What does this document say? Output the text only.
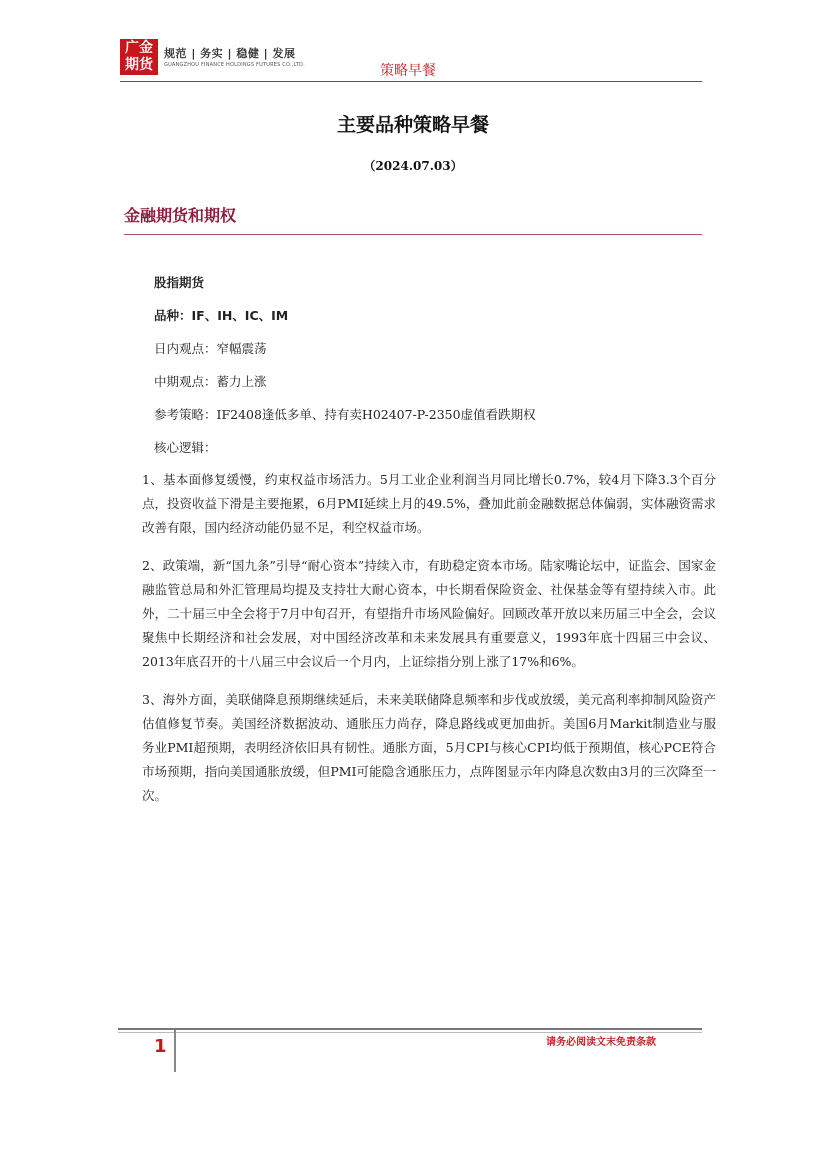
广金
期货
规范 | 务实 | 稳健 | 发展
GUANGZHOU FINANCE HOLDINGS FUTURES CO.,LTD.	策略早餐
主要品种策略早餐
（2024.07.03）
金融期货和期权

股指期货

品种：IF、IH、IC、IM

日内观点：窄幅震荡

中期观点：蓄力上涨

参考策略：IF2408逢低多单、持有卖H02407-P-2350虚值看跌期权

核心逻辑：

1、基本面修复缓慢，约束权益市场活力。5月工业企业利润当月同比增长0.7%，较4月下降3.3个百分点，投资收益下滑是主要拖累，6月PMI延续上月的49.5%，叠加此前金融数据总体偏弱，实体融资需求改善有限，国内经济动能仍显不足，利空权益市场。

2、政策端，新“国九条”引导“耐心资本”持续入市，有助稳定资本市场。陆家嘴论坛中，证监会、国家金融监管总局和外汇管理局均提及支持壮大耐心资本，中长期看保险资金、社保基金等有望持续入市。此外，二十届三中全会将于7月中旬召开，有望指升市场风险偏好。回顾改革开放以来历届三中全会，会议聚焦中长期经济和社会发展，对中国经济改革和未来发展具有重要意义，1993年底十四届三中会议、2013年底召开的十八届三中会议后一个月内，上证综指分别上涨了17%和6%。

3、海外方面，美联储降息预期继续延后，未来美联储降息频率和步伐或放缓，美元高利率抑制风险资产估值修复节奏。美国经济数据波动、通胀压力尚存，降息路线或更加曲折。美国6月Markit制造业与服务业PMI超预期，表明经济依旧具有韧性。通胀方面，5月CPI与核心CPI均低于预期值，核心PCE符合市场预期，指向美国通胀放缓，但PMI可能隐含通胀压力，点阵图显示年内降息次数由3月的三次降至一次。

1	请务必阅读文末免责条款
